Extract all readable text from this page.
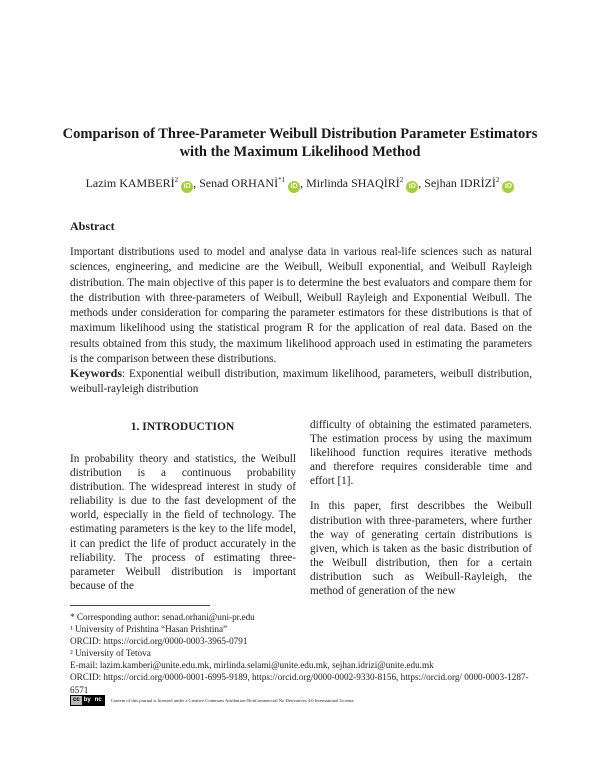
Comparison of Three-Parameter Weibull Distribution Parameter Estimators
with the Maximum Likelihood Method
Lazim KAMBERİ$^2$iD , Senad ORHANİ$^{*1}$iD , Mirlinda SHAQİRİ$^2$iD , Sejhan IDRİZİ$^2$iD
Abstract
Important distributions used to model and analyse data in various real-life sciences such as natural sciences, engineering, and medicine are the Weibull, Weibull exponential, and Weibull Rayleigh distribution. The main objective of this paper is to determine the best evaluators and compare them for the distribution with three-parameters of Weibull, Weibull Rayleigh and Exponential Weibull. The methods under consideration for comparing the parameter estimators for these distributions is that of maximum likelihood using the statistical program R for the application of real data. Based on the results obtained from this study, the maximum likelihood approach used in estimating the parameters is the comparison between these distributions.
Keywords: Exponential weibull distribution, maximum likelihood, parameters, weibull distribution, weibull-rayleigh distribution
1. INTRODUCTION

In probability theory and statistics, the Weibull distribution is a continuous probability distribution. The widespread interest in study of reliability is due to the fast development of the world, especially in the field of technology. The estimating parameters is the key to the life model, it can predict the life of product accurately in the reliability. The process of estimating three-parameter Weibull distribution is important because of the

difficulty of obtaining the estimated parameters. The estimation process by using the maximum likelihood function requires iterative methods and therefore requires considerable time and effort [1].

In this paper, first describbes the Weibull distribution with three-parameters, where further the way of generating certain distributions is given, which is taken as the basic distribution of the Weibull distribution, then for a certain distribution such as Weibull-Rayleigh, the method of generation of the new

* Corresponding author: senad.orhani@uni-pr.edu
¹ University of Prishtina “Hasan Prishtina”
ORCID: https://orcid.org/0000-0003-3965-0791
² University of Tetova
E-mail: lazim.kamberi@unite.edu.mk, mirlinda.selami@unite.edu.mk, sejhan.idrizi@unite.edu.mk
ORCID: https://orcid.org/0000-0001-6995-9189, https://orcid.org/0000-0002-9330-8156, https://orcid.org/ 0000-0003-1287-6571
cc by nc	Content of this journal is licensed under a Creative Commons Attribution-NonCommercial No Derivatives 4.0 International License.
